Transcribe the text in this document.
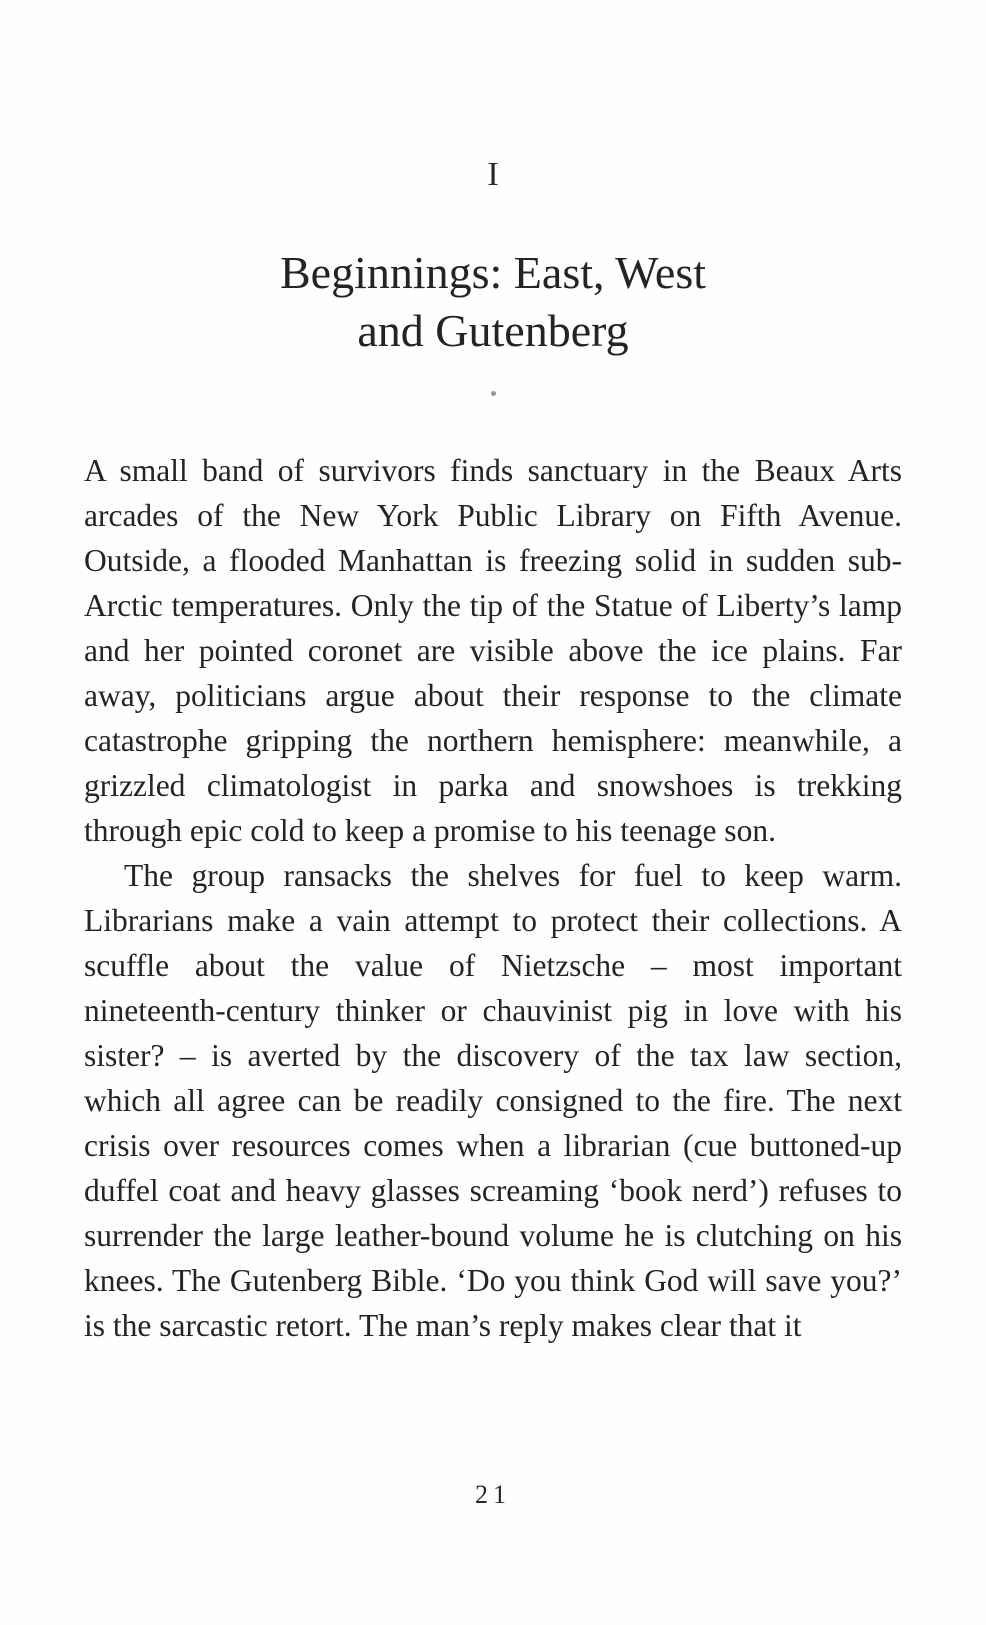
I
Beginnings: East, West
and Gutenberg

A small band of survivors finds sanctuary in the Beaux Arts arcades of the New York Public Library on Fifth Avenue. Outside, a flooded Manhattan is freezing solid in sudden sub-Arctic temperatures. Only the tip of the Statue of Liberty’s lamp and her pointed coronet are visible above the ice plains. Far away, politicians argue about their response to the climate catastrophe gripping the northern hemisphere: meanwhile, a grizzled climatologist in parka and snowshoes is trekking through epic cold to keep a promise to his teenage son.

The group ransacks the shelves for fuel to keep warm. Librarians make a vain attempt to protect their collections. A scuffle about the value of Nietzsche – most important nineteenth-century thinker or chauvinist pig in love with his sister? – is averted by the discovery of the tax law section, which all agree can be readily consigned to the fire. The next crisis over resources comes when a librarian (cue buttoned-up duffel coat and heavy glasses screaming ‘book nerd’) refuses to surrender the large leather-bound volume he is clutching on his knees. The Gutenberg Bible. ‘Do you think God will save you?’ is the sarcastic retort. The man’s reply makes clear that it

21
